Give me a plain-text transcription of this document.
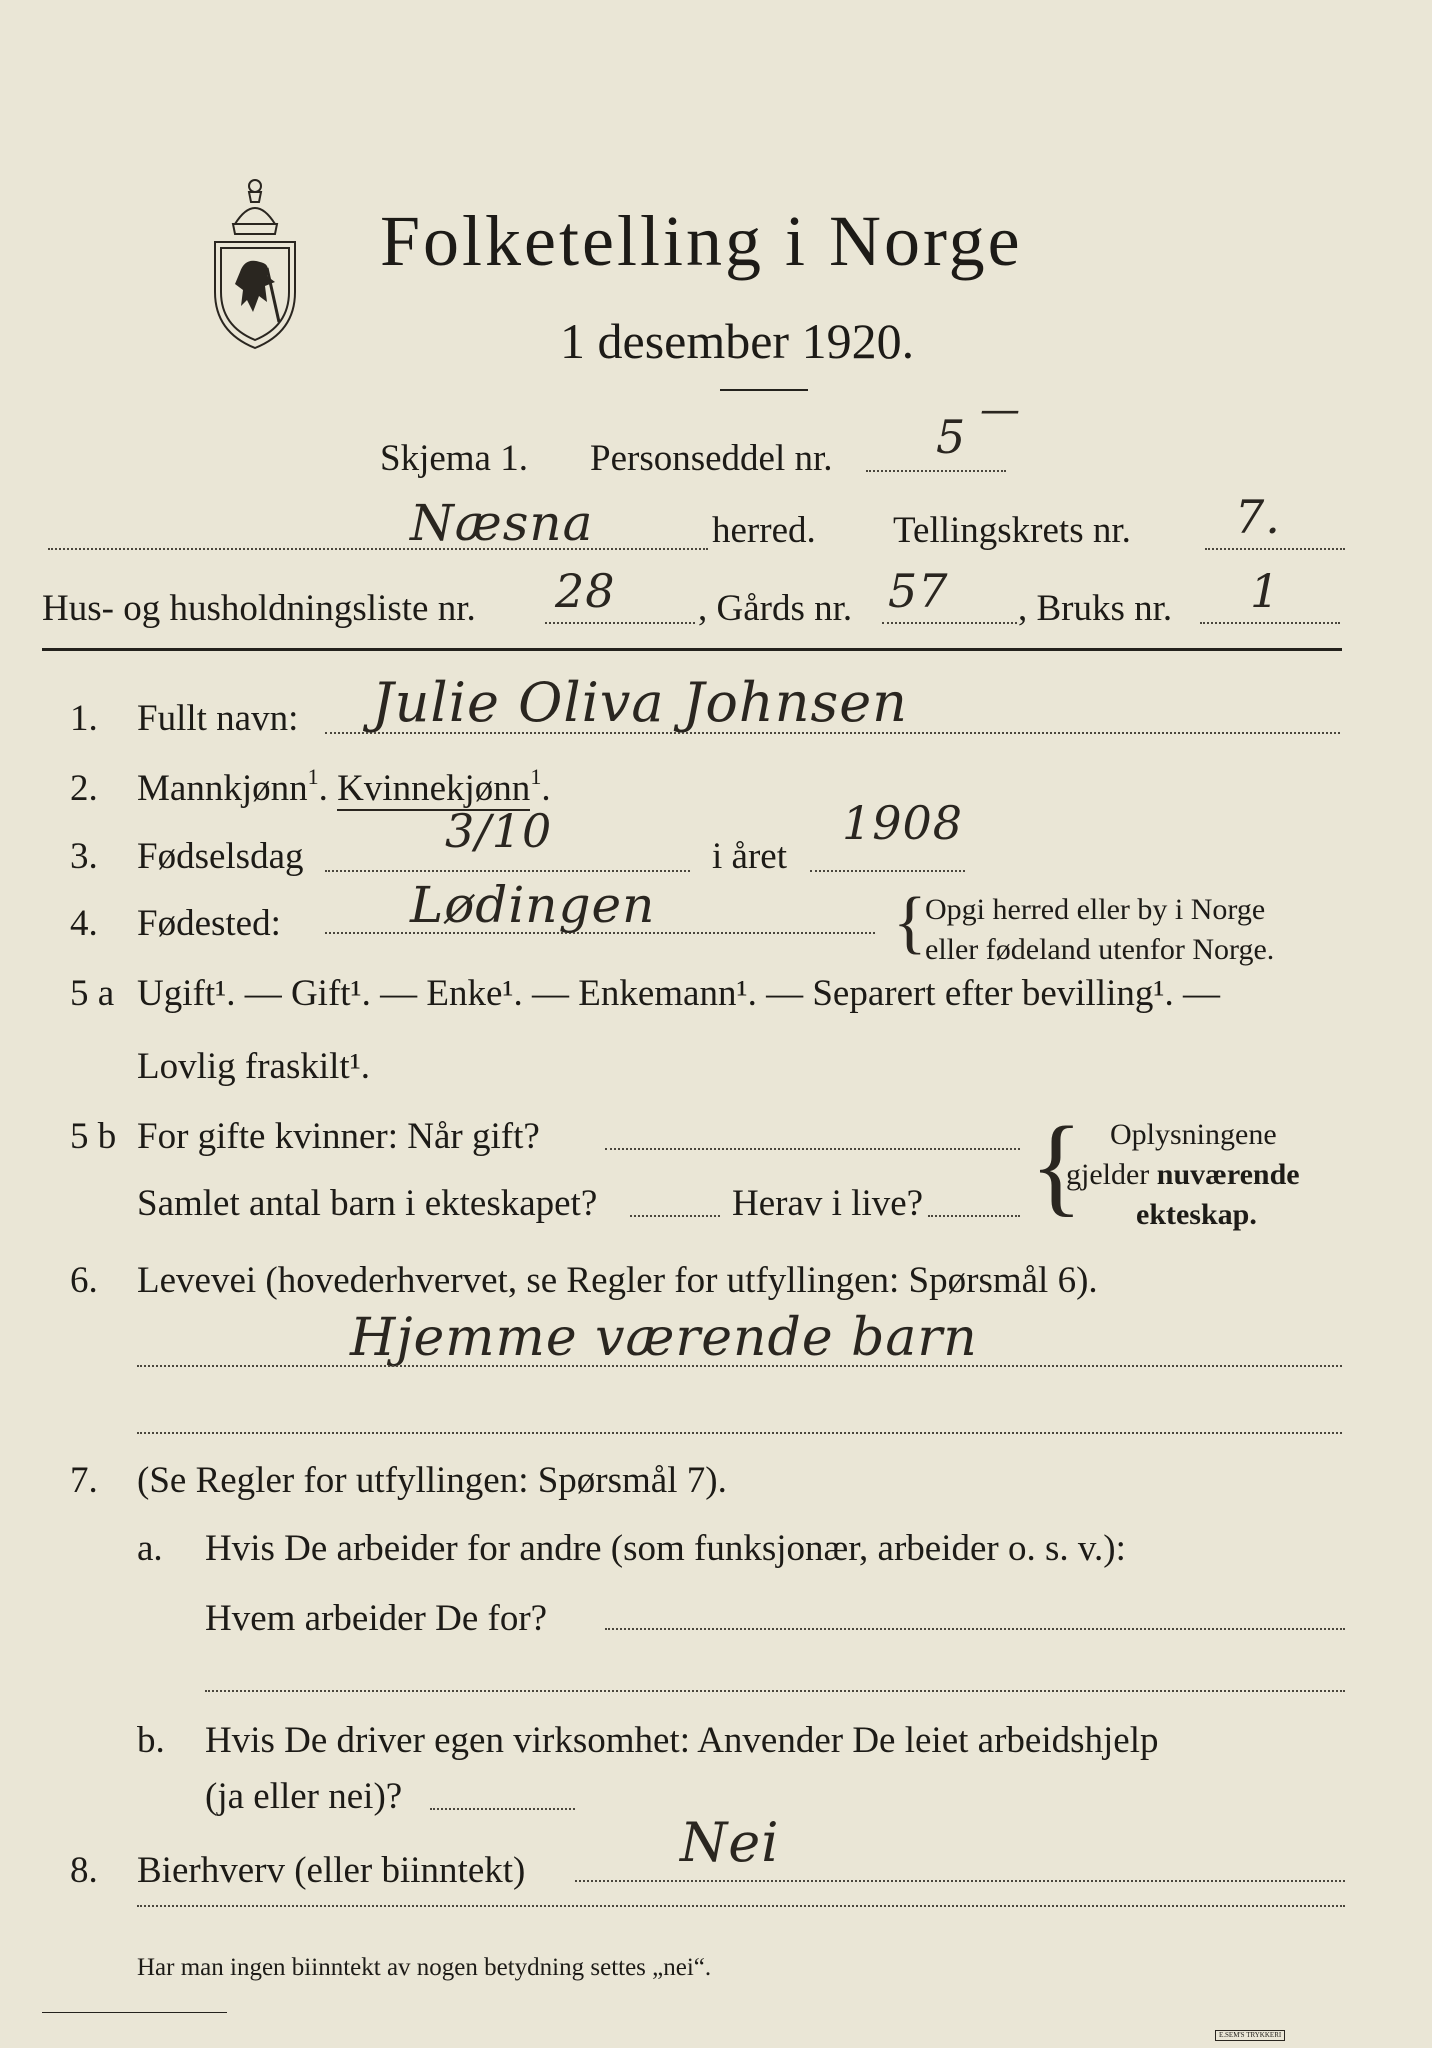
Folketelling i Norge
1 desember 1920.
Skjema 1. Personseddel nr. 5 —
Næsna	herred. Tellingskrets nr. 7.
Hus- og husholdningsliste nr. 28 , Gårds nr. 57 , Bruks nr. 1
1. Fullt navn: Julie Oliva Johnsen
2. Mannkjønn$^1$. Kvinnekjønn$^1$.
3. Fødselsdag	3/10	i året
1908
4. Fødested:	Lødingen	{
Opgi herred eller by i Norge
eller fødeland utenfor Norge.
5 a Ugift¹. — Gift¹. — Enke¹. — Enkemann¹. — Separert efter bevilling¹. —
Lovlig fraskilt¹.
5 b For gifte kvinner: Når gift?
Samlet antal barn i ekteskapet?	Herav i live? { Oplysningene
gjelder nuværende
ekteskap.
6. Levevei (hovederhvervet, se Regler for utfyllingen: Spørsmål 6).
Hjemme værende barn
7. (Se Regler for utfyllingen: Spørsmål 7).
a. Hvis De arbeider for andre (som funksjonær, arbeider o. s. v.):
Hvem arbeider De for?
b. Hvis De driver egen virksomhet: Anvender De leiet arbeidshjelp
(ja eller nei)?
8. Bierhverv (eller biinntekt)	Nei
Har man ingen biinntekt av nogen betydning settes „nei“.
E.SEM'S TRYKKERI
